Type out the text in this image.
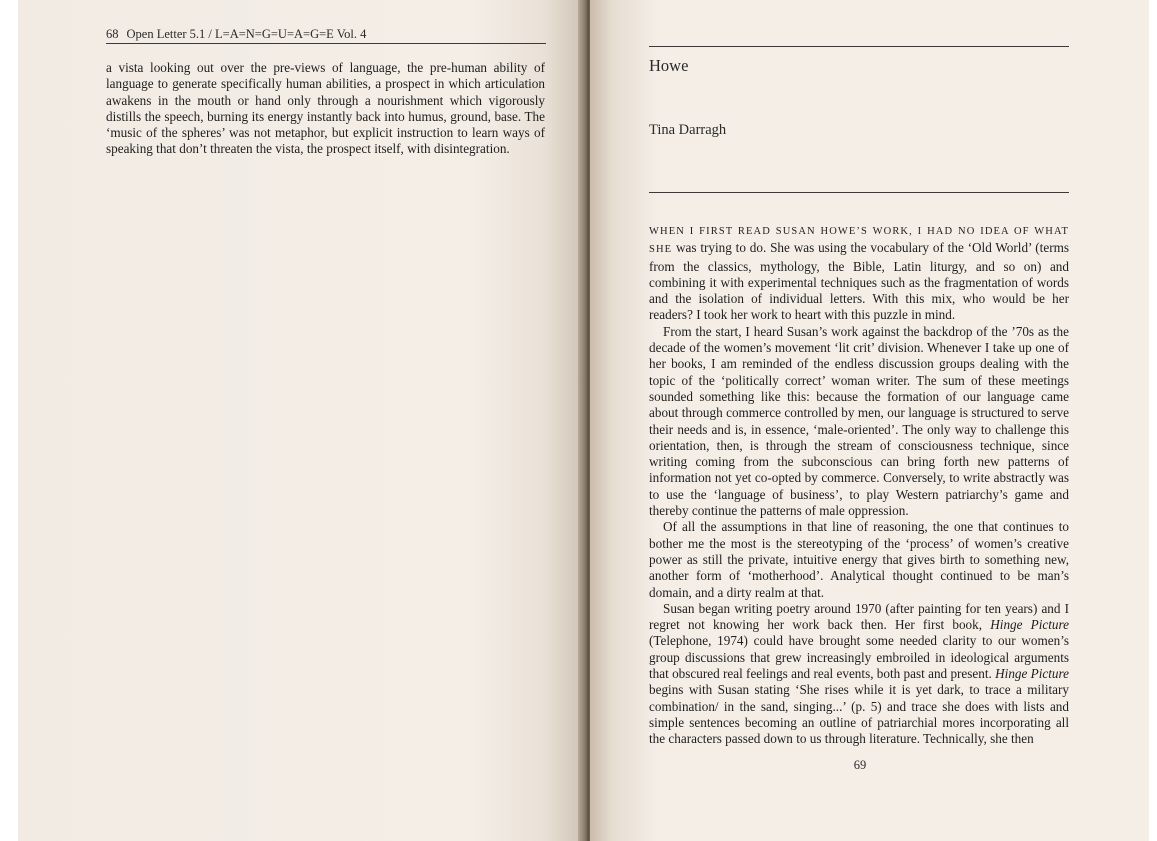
68 Open Letter 5.1 / L=A=N=G=U=A=G=E Vol. 4

a vista looking out over the pre-views of language, the pre-human ability of language to generate specifically human abilities, a prospect in which articulation awakens in the mouth or hand only through a nourishment which vigorously distills the speech, burning its energy instantly back into humus, ground, base. The ‘music of the spheres’ was not metaphor, but explicit instruction to learn ways of speaking that don’t threaten the vista, the prospect itself, with disintegration.

Howe
Tina Darragh

WHEN I FIRST READ SUSAN HOWE’S WORK, I HAD NO IDEA OF WHAT SHE was trying to do. She was using the vocabulary of the ‘Old World’ (terms from the classics, mythology, the Bible, Latin liturgy, and so on) and combining it with experimental techniques such as the fragmentation of words and the isolation of individual letters. With this mix, who would be her readers? I took her work to heart with this puzzle in mind.

From the start, I heard Susan’s work against the backdrop of the ’70s as the decade of the women’s movement ‘lit crit’ division. Whenever I take up one of her books, I am reminded of the endless discussion groups dealing with the topic of the ‘politically correct’ woman writer. The sum of these meetings sounded something like this: because the formation of our language came about through commerce controlled by men, our language is structured to serve their needs and is, in essence, ‘male-oriented’. The only way to challenge this orientation, then, is through the stream of consciousness technique, since writing coming from the subconscious can bring forth new patterns of information not yet co-opted by commerce. Conversely, to write abstractly was to use the ‘language of business’, to play Western patriarchy’s game and thereby continue the patterns of male oppression.

Of all the assumptions in that line of reasoning, the one that continues to bother me the most is the stereotyping of the ‘process’ of women’s creative power as still the private, intuitive energy that gives birth to something new, another form of ‘motherhood’. Analytical thought continued to be man’s domain, and a dirty realm at that.

Susan began writing poetry around 1970 (after painting for ten years) and I regret not knowing her work back then. Her first book, Hinge Picture (Telephone, 1974) could have brought some needed clarity to our women’s group discussions that grew increasingly embroiled in ideological arguments that obscured real feelings and real events, both past and present. Hinge Picture begins with Susan stating ‘She rises while it is yet dark, to trace a military combination/ in the sand, singing...’ (p. 5) and trace she does with lists and simple sentences becoming an outline of patriarchial mores incorporating all the characters passed down to us through literature. Technically, she then

69
